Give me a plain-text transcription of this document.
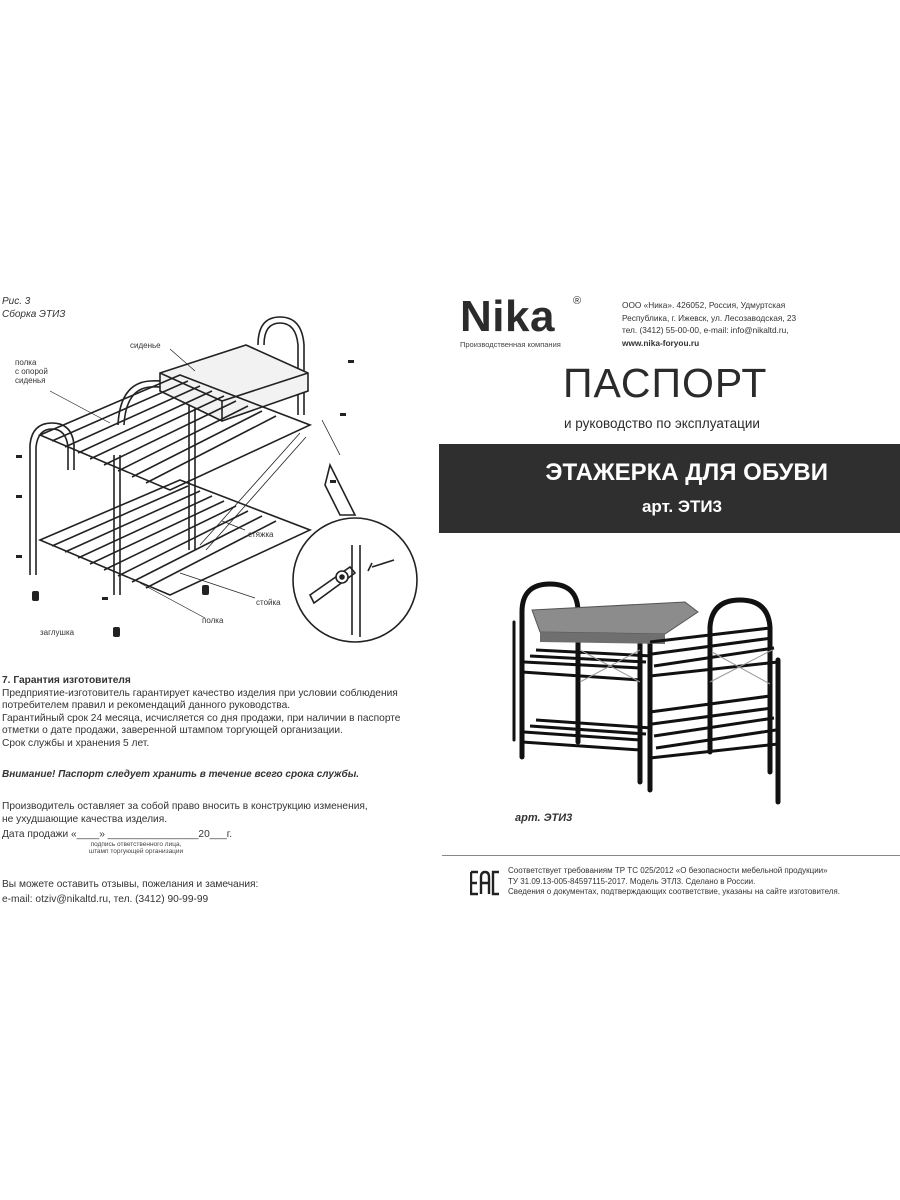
Рис. 3
Сборка ЭТИЗ
полка с опорой сиденья
сиденье
стяжка
стойка
полка
заглушка

7. Гарантия изготовителя

Предприятие-изготовитель гарантирует качество изделия при условии соблюдения

потребителем правил и рекомендаций данного руководства.

Гарантийный срок 24 месяца, исчисляется со дня продажи, при наличии в паспорте

отметки о дате продажи, заверенной штампом торгующей организации.

Срок службы и хранения 5 лет.

Внимание! Паспорт следует хранить в течение всего срока службы.
Производитель оставляет за собой право вносить в конструкцию изменения,
не ухудшающие качества изделия.
Дата продажи «____» ________________20___г.
подпись ответственного лица,
штамп торгующей организации
Вы можете оставить отзывы, пожелания и замечания:
e-mail: otziv@nikaltd.ru, тел. (3412) 90-99-99
Nika	®
Производственная компания
ООО «Ника». 426052, Россия, Удмуртская
Республика, г. Ижевск, ул. Лесозаводская, 23
тел. (3412) 55-00-00, e-mail: info@nikaltd.ru,
www.nika-foryou.ru
ПАСПОРТ
и руководство по эксплуатации
ЭТАЖЕРКА ДЛЯ ОБУВИ
арт. ЭТИ3
арт. ЭТИ3
Соответствует требованиям ТР ТС 025/2012 «О безопасности мебельной продукции»
ТУ 31.09.13-005-84597115-2017. Модель ЭТЛ3. Сделано в России.
Сведения о документах, подтверждающих соответствие, указаны на сайте изготовителя.
